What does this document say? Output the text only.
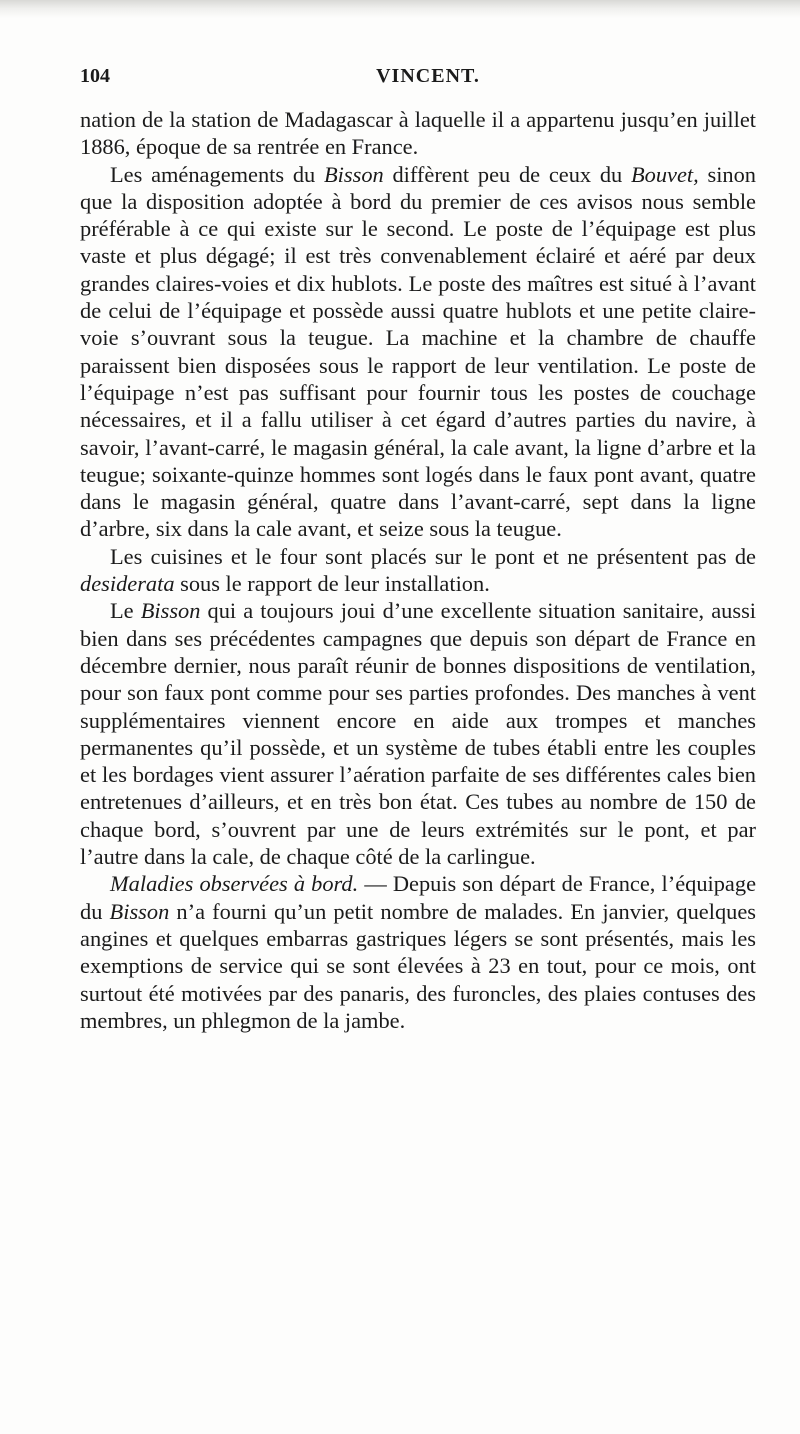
104	VINCENT.

nation de la station de Madagascar à laquelle il a appartenu jusqu’en juillet 1886, époque de sa rentrée en France.

Les aménagements du Bisson diffèrent peu de ceux du Bouvet, sinon que la disposition adoptée à bord du premier de ces avisos nous semble préférable à ce qui existe sur le second. Le poste de l’équipage est plus vaste et plus dégagé; il est très convenablement éclairé et aéré par deux grandes claires-voies et dix hublots. Le poste des maîtres est situé à l’avant de celui de l’équipage et possède aussi quatre hublots et une petite claire-voie s’ouvrant sous la teugue. La machine et la chambre de chauffe paraissent bien disposées sous le rapport de leur ventilation. Le poste de l’équipage n’est pas suffisant pour fournir tous les postes de couchage nécessaires, et il a fallu utiliser à cet égard d’autres parties du navire, à savoir, l’avant-carré, le magasin général, la cale avant, la ligne d’arbre et la teugue; soixante-quinze hommes sont logés dans le faux pont avant, quatre dans le magasin général, quatre dans l’avant-carré, sept dans la ligne d’arbre, six dans la cale avant, et seize sous la teugue.

Les cuisines et le four sont placés sur le pont et ne présentent pas de desiderata sous le rapport de leur installation.

Le Bisson qui a toujours joui d’une excellente situation sanitaire, aussi bien dans ses précédentes campagnes que depuis son départ de France en décembre dernier, nous paraît réunir de bonnes dispositions de ventilation, pour son faux pont comme pour ses parties profondes. Des manches à vent supplémentaires viennent encore en aide aux trompes et manches permanentes qu’il possède, et un système de tubes établi entre les couples et les bordages vient assurer l’aération parfaite de ses différentes cales bien entretenues d’ailleurs, et en très bon état. Ces tubes au nombre de 150 de chaque bord, s’ouvrent par une de leurs extrémités sur le pont, et par l’autre dans la cale, de chaque côté de la carlingue.

Maladies observées à bord. — Depuis son départ de France, l’équipage du Bisson n’a fourni qu’un petit nombre de malades. En janvier, quelques angines et quelques embarras gastriques légers se sont présentés, mais les exemptions de service qui se sont élevées à 23 en tout, pour ce mois, ont surtout été motivées par des panaris, des furoncles, des plaies contuses des membres, un phlegmon de la jambe.
